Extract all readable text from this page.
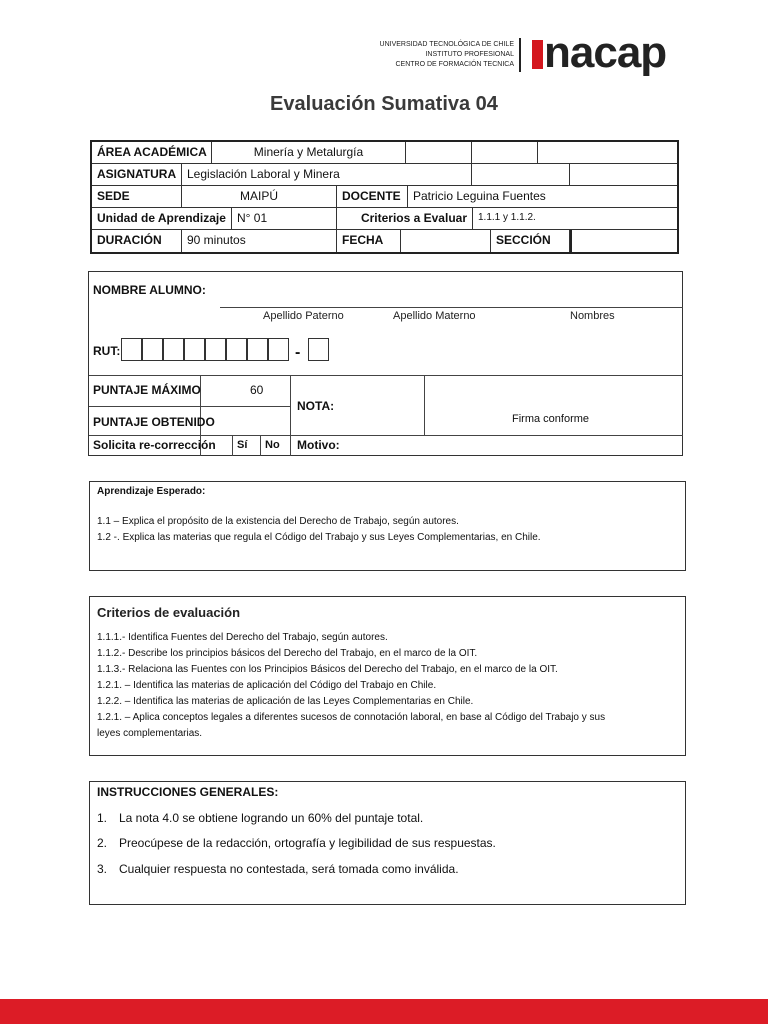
UNIVERSIDAD TECNOLÓGICA DE CHILE
INSTITUTO PROFESIONAL
CENTRO DE FORMACIÓN TECNICA nacap
Evaluación Sumativa 04
ÁREA ACADÉMICA	Minería y Metalurgía
ASIGNATURA Legislación Laboral y Minera
SEDE	MAIPÚ	DOCENTE	Patricio Leguina Fuentes
Unidad de Aprendizaje N° 01	Criterios a Evaluar	1.1.1 y 1.1.2.
DURACIÓN	90 minutos	FECHA	SECCIÓN
NOMBRE ALUMNO:
Apellido Paterno	Apellido Materno	Nombres
RUT:	-
PUNTAJE MÁXIMO	60
NOTA:
PUNTAJE OBTENIDO	Firma conforme
Solicita re-corrección Sí No Motivo:
Aprendizaje Esperado:
1.1 – Explica el propósito de la existencia del Derecho de Trabajo, según autores.
1.2 -. Explica las materias que regula el Código del Trabajo y sus Leyes Complementarias, en Chile.
Criterios de evaluación
1.1.1.- Identifica Fuentes del Derecho del Trabajo, según autores.
1.1.2.- Describe los principios básicos del Derecho del Trabajo, en el marco de la OIT.
1.1.3.- Relaciona las Fuentes con los Principios Básicos del Derecho del Trabajo, en el marco de la OIT.
1.2.1. – Identifica las materias de aplicación del Código del Trabajo en Chile.
1.2.2. – Identifica las materias de aplicación de las Leyes Complementarias en Chile.
1.2.1. – Aplica conceptos legales a diferentes sucesos de connotación laboral, en base al Código del Trabajo y sus
leyes complementarias.
INSTRUCCIONES GENERALES:
1. La nota 4.0 se obtiene logrando un 60% del puntaje total.
2. Preocúpese de la redacción, ortografía y legibilidad de sus respuestas.
3. Cualquier respuesta no contestada, será tomada como inválida.
